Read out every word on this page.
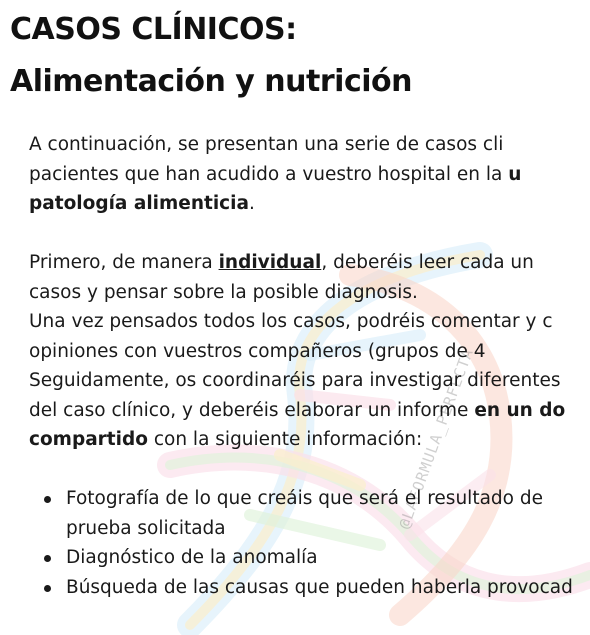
@LAFORMULA_PERFECTA
CASOS CLÍNICOS:
Alimentación y nutrición
A continuación, se presentan una serie de casos cli
pacientes que han acudido a vuestro hospital en la u
patología alimenticia.
Primero, de manera individual, deberéis leer cada un
casos y pensar sobre la posible diagnosis.
Una vez pensados todos los casos, podréis comentar y c
opiniones con vuestros compañeros (grupos de 4
Seguidamente, os coordinaréis para investigar diferentes
del caso clínico, y deberéis elaborar un informe en un do
compartido con la siguiente información:
Fotografía de lo que creáis que será el resultado de
prueba solicitada
Diagnóstico de la anomalía
Búsqueda de las causas que pueden haberla provocad
